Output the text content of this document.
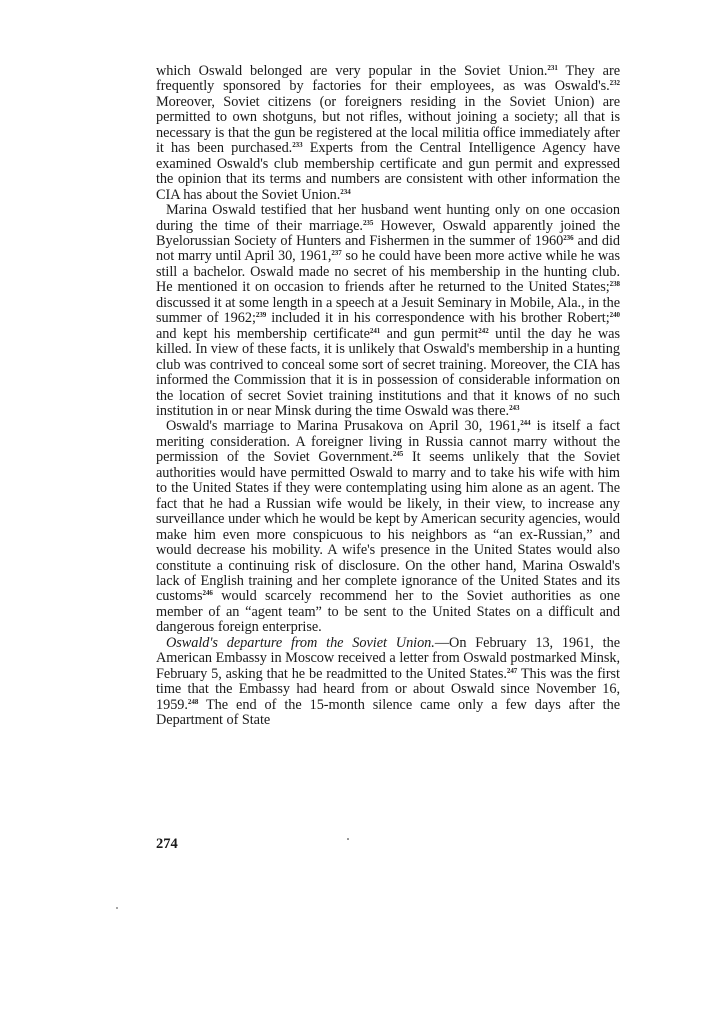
which Oswald belonged are very popular in the Soviet Union.$^{231}$ They are frequently sponsored by factories for their employees, as was Oswald's.$^{232}$ Moreover, Soviet citizens (or foreigners residing in the Soviet Union) are permitted to own shotguns, but not rifles, without joining a society; all that is necessary is that the gun be registered at the local militia office immediately after it has been purchased.$^{233}$ Experts from the Central Intelligence Agency have examined Oswald's club membership certificate and gun permit and expressed the opinion that its terms and numbers are consistent with other information the CIA has about the Soviet Union.$^{234}$

Marina Oswald testified that her husband went hunting only on one occasion during the time of their marriage.$^{235}$ However, Oswald apparently joined the Byelorussian Society of Hunters and Fishermen in the summer of 1960$^{236}$ and did not marry until April 30, 1961,$^{237}$ so he could have been more active while he was still a bachelor. Oswald made no secret of his membership in the hunting club. He mentioned it on occasion to friends after he returned to the United States;$^{238}$ discussed it at some length in a speech at a Jesuit Seminary in Mobile, Ala., in the summer of 1962;$^{239}$ included it in his correspondence with his brother Robert;$^{240}$ and kept his membership certificate$^{241}$ and gun permit$^{242}$ until the day he was killed. In view of these facts, it is unlikely that Oswald's membership in a hunting club was contrived to conceal some sort of secret training. Moreover, the CIA has informed the Commission that it is in possession of considerable information on the location of secret Soviet training institutions and that it knows of no such institution in or near Minsk during the time Oswald was there.$^{243}$

Oswald's marriage to Marina Prusakova on April 30, 1961,$^{244}$ is itself a fact meriting consideration. A foreigner living in Russia cannot marry without the permission of the Soviet Government.$^{245}$ It seems unlikely that the Soviet authorities would have permitted Oswald to marry and to take his wife with him to the United States if they were contemplating using him alone as an agent. The fact that he had a Russian wife would be likely, in their view, to increase any surveillance under which he would be kept by American security agencies, would make him even more conspicuous to his neighbors as “an ex-Russian,” and would decrease his mobility. A wife's presence in the United States would also constitute a continuing risk of disclosure. On the other hand, Marina Oswald's lack of English training and her complete ignorance of the United States and its customs$^{246}$ would scarcely recommend her to the Soviet authorities as one member of an “agent team” to be sent to the United States on a difficult and dangerous foreign enterprise.

Oswald's departure from the Soviet Union.—On February 13, 1961, the American Embassy in Moscow received a letter from Oswald postmarked Minsk, February 5, asking that he be readmitted to the United States.$^{247}$ This was the first time that the Embassy had heard from or about Oswald since November 16, 1959.$^{248}$ The end of the 15-month silence came only a few days after the Department of State

274
